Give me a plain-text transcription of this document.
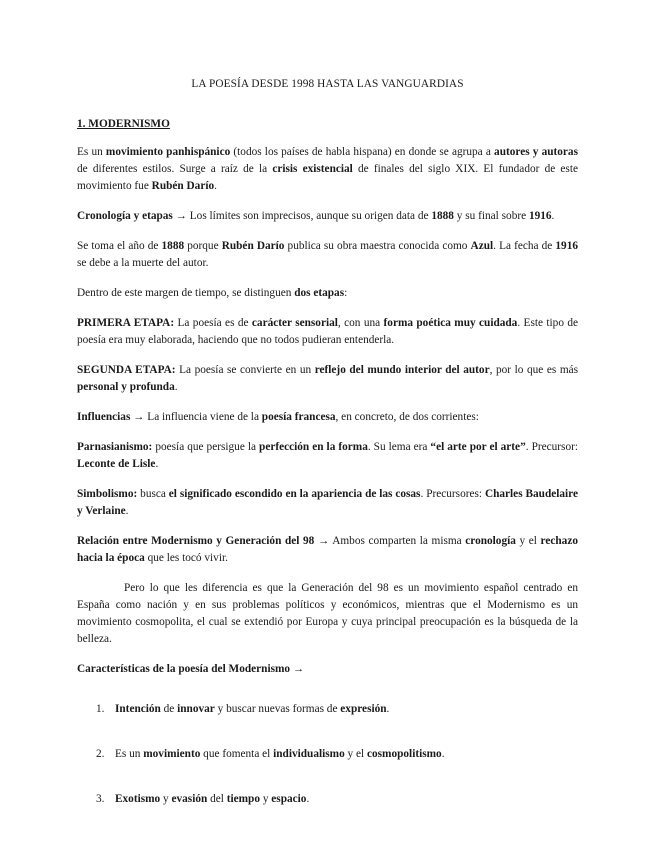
LA POESÍA DESDE 1998 HASTA LAS VANGUARDIAS
1. MODERNISMO

Es un movimiento panhispánico (todos los países de habla hispana) en donde se agrupa a autores y autoras de diferentes estilos. Surge a raíz de la crisis existencial de finales del siglo XIX. El fundador de este movimiento fue Rubén Darío.

Cronología y etapas → Los límites son imprecisos, aunque su origen data de 1888 y su final sobre 1916.

Se toma el año de 1888 porque Rubén Darío publica su obra maestra conocida como Azul. La fecha de 1916 se debe a la muerte del autor.

Dentro de este margen de tiempo, se distinguen dos etapas:

PRIMERA ETAPA: La poesía es de carácter sensorial, con una forma poética muy cuidada. Este tipo de poesía era muy elaborada, haciendo que no todos pudieran entenderla.

SEGUNDA ETAPA: La poesía se convierte en un reflejo del mundo interior del autor, por lo que es más personal y profunda.

Influencias → La influencia viene de la poesía francesa, en concreto, de dos corrientes:

Parnasianismo: poesía que persigue la perfección en la forma. Su lema era “el arte por el arte”. Precursor: Leconte de Lisle.

Simbolismo: busca el significado escondido en la apariencia de las cosas. Precursores: Charles Baudelaire y Verlaine.

Relación entre Modernismo y Generación del 98 → Ambos comparten la misma cronología y el rechazo hacia la época que les tocó vivir.

Pero lo que les diferencia es que la Generación del 98 es un movimiento español centrado en España como nación y en sus problemas políticos y económicos, mientras que el Modernismo es un movimiento cosmopolita, el cual se extendió por Europa y cuya principal preocupación es la búsqueda de la belleza.

Características de la poesía del Modernismo →
1. Intención de innovar y buscar nuevas formas de expresión.
2. Es un movimiento que fomenta el individualismo y el cosmopolitismo.
3. Exotismo y evasión del tiempo y espacio.
